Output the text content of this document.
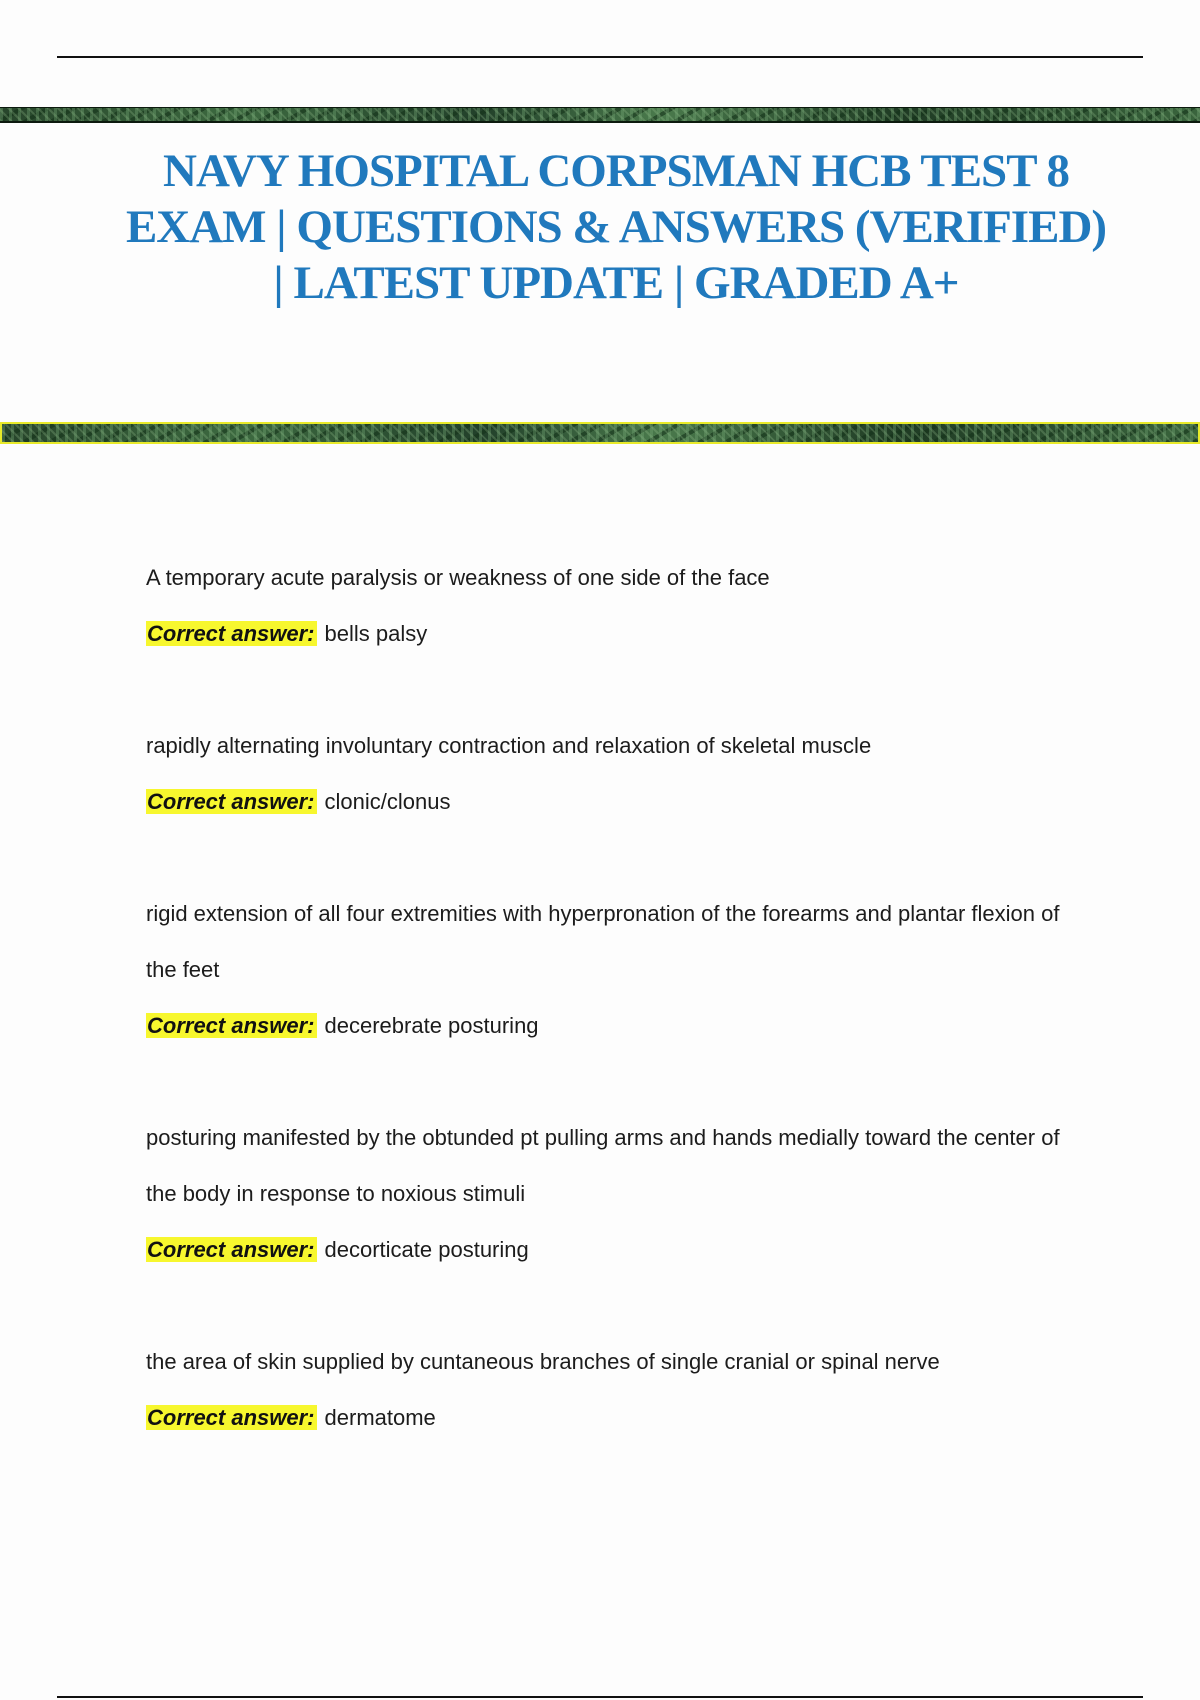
NAVY HOSPITAL CORPSMAN HCB TEST 8 EXAM | QUESTIONS & ANSWERS (VERIFIED) | LATEST UPDATE | GRADED A+

A temporary acute paralysis or weakness of one side of the face

Correct answer: bells palsy

rapidly alternating involuntary contraction and relaxation of skeletal muscle

Correct answer: clonic/clonus

rigid extension of all four extremities with hyperpronation of the forearms and plantar flexion of the feet

Correct answer: decerebrate posturing

posturing manifested by the obtunded pt pulling arms and hands medially toward the center of the body in response to noxious stimuli

Correct answer: decorticate posturing

the area of skin supplied by cuntaneous branches of single cranial or spinal nerve

Correct answer: dermatome
